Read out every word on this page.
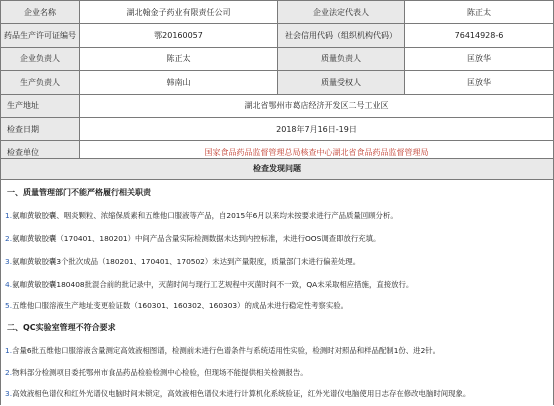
企业名称	湖北翰金子药业有限责任公司	企业法定代表人	陈正太
药品生产许可证编号	鄂20160057	社会信用代码（组织机构代码）	76414928-6
企业负责人	陈正太	质量负责人	匡放华
生产负责人	韩南山	质量受权人	匡放华
生产地址	湖北省鄂州市葛店经济开发区二号工业区		
检查日期	2018年7月16日-19日		
检查单位	国家食品药品监督管理总局核查中心湖北省食品药品监督管理局		
检查发现问题
一、质量管理部门不能严格履行相关职责
1.氨咖黄敏胶囊、咽炎颗粒、浓缩保质素和五维他口服液等产品，自2015年6月以来均未按要求进行产品质量回顾分析。
2.氨咖黄敏胶囊（170401、180201）中间产品含量实际检测数据未达到内控标准，未进行OOS调查即放行充填。
3.氨咖黄敏胶囊3个批次成品（180201、170401、170502）未达到产量限度，质量部门未进行偏差处理。
4.氨咖黄敏胶囊180408批混合前的批记录中，灭菌时间与现行工艺规程中灭菌时间不一致，QA未采取相应措施，直接放行。
5.五维他口服溶液生产地址变更验证数（160301、160302、160303）的成品未进行稳定性考察实验。
二、QC实验室管理不符合要求
1.含量6批五维他口服溶液含量测定高效液相图谱，检测前未进行色谱条件与系统适用性实验，检测时对照品和样品配制1份、进2针。
2.物料部分检测项目委托鄂州市食品药品检验检测中心检验，但现场不能提供相关检测报告。
3.高效液相色谱仪和红外光谱仪电脑时间未锁定，高效液相色谱仪未进行计算机化系统验证，红外光谱仪电脑使用日志存在修改电脑时间现象。
